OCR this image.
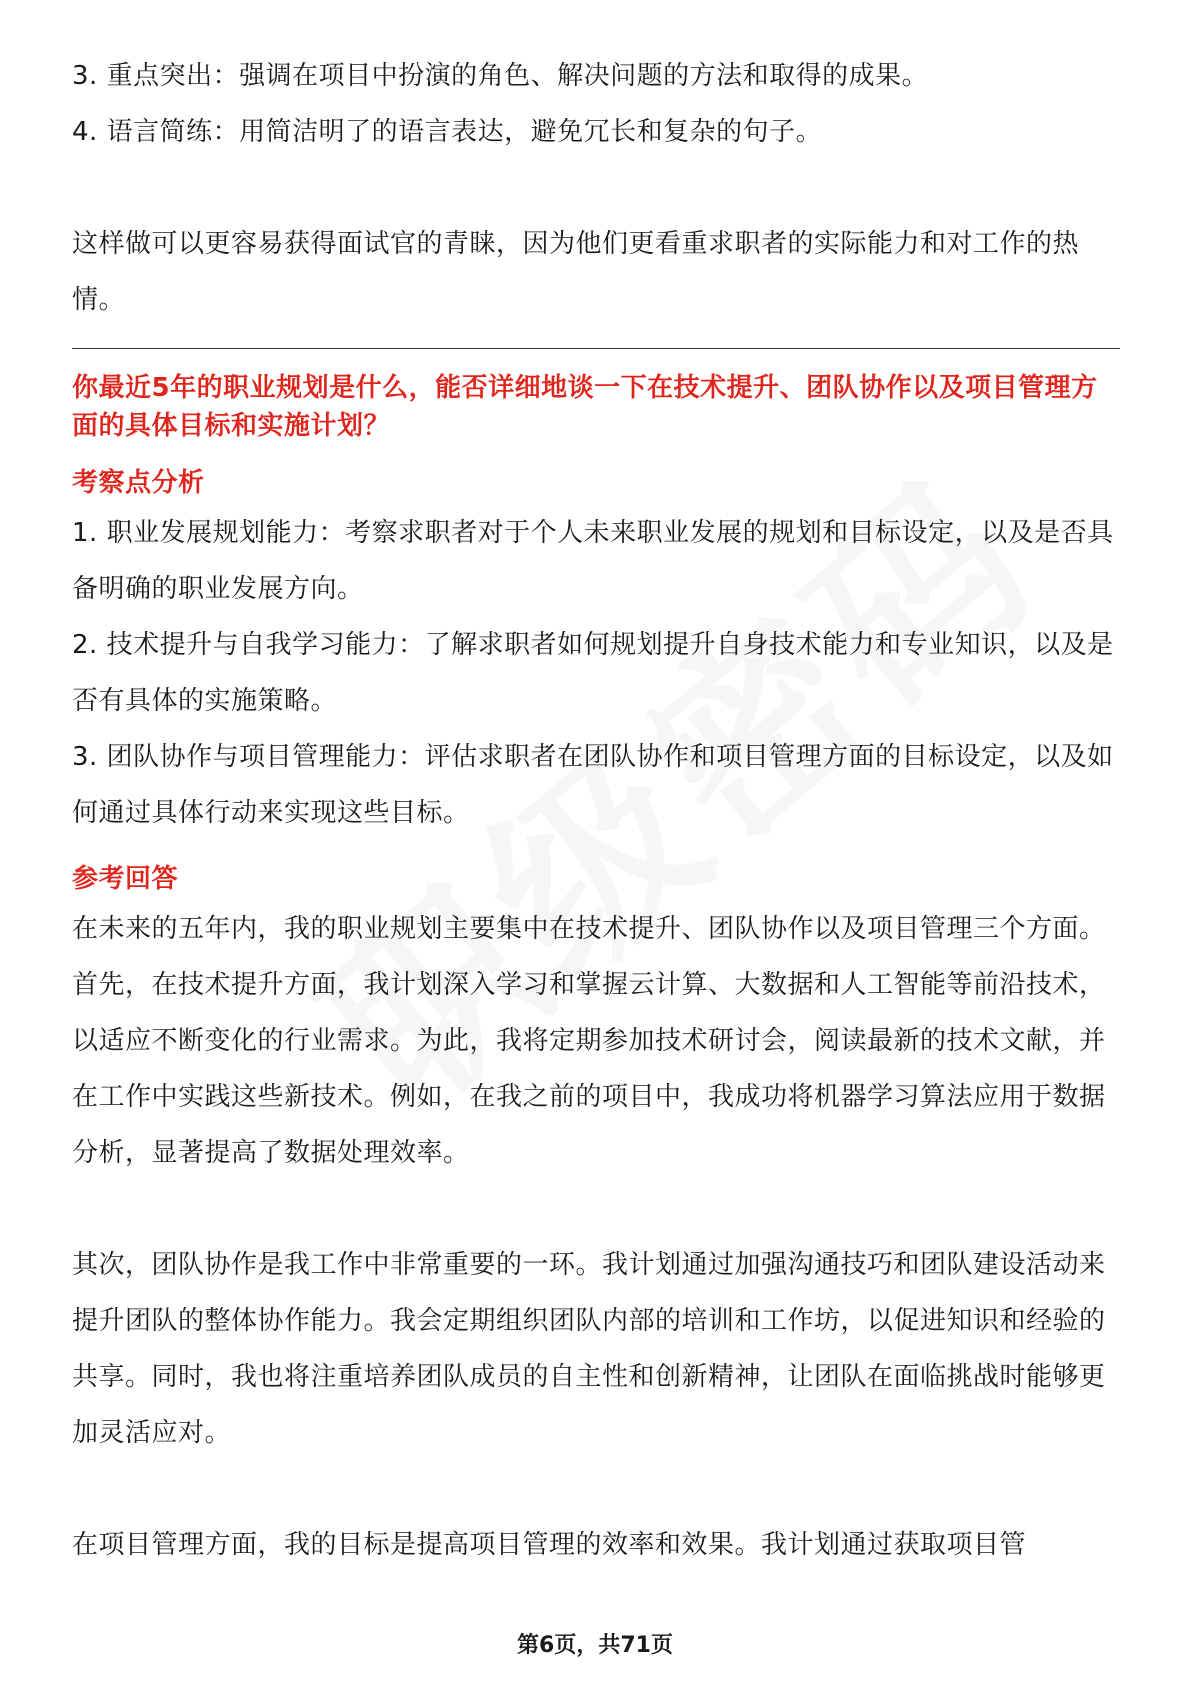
3. 重点突出：强调在项目中扮演的角色、解决问题的方法和取得的成果。

4. 语言简练：用简洁明了的语言表达，避免冗长和复杂的句子。

这样做可以更容易获得面试官的青睐，因为他们更看重求职者的实际能力和对工作的热情。

你最近5年的职业规划是什么，能否详细地谈一下在技术提升、团队协作以及项目管理方面的具体目标和实施计划？

考察点分析

1. 职业发展规划能力：考察求职者对于个人未来职业发展的规划和目标设定，以及是否具备明确的职业发展方向。

2. 技术提升与自我学习能力：了解求职者如何规划提升自身技术能力和专业知识，以及是否有具体的实施策略。

3. 团队协作与项目管理能力：评估求职者在团队协作和项目管理方面的目标设定，以及如何通过具体行动来实现这些目标。

参考回答

在未来的五年内，我的职业规划主要集中在技术提升、团队协作以及项目管理三个方面。首先，在技术提升方面，我计划深入学习和掌握云计算、大数据和人工智能等前沿技术，以适应不断变化的行业需求。为此，我将定期参加技术研讨会，阅读最新的技术文献，并在工作中实践这些新技术。例如，在我之前的项目中，我成功将机器学习算法应用于数据分析，显著提高了数据处理效率。

其次，团队协作是我工作中非常重要的一环。我计划通过加强沟通技巧和团队建设活动来提升团队的整体协作能力。我会定期组织团队内部的培训和工作坊，以促进知识和经验的共享。同时，我也将注重培养团队成员的自主性和创新精神，让团队在面临挑战时能够更加灵活应对。

在项目管理方面，我的目标是提高项目管理的效率和效果。我计划通过获取项目管

第6页，共71页
